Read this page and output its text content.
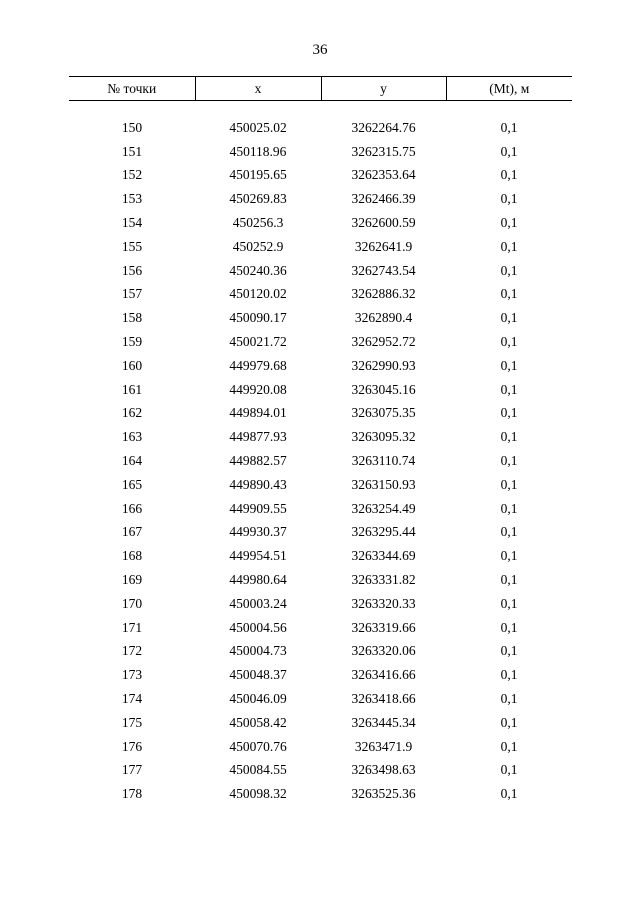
36
№ точки	x	y	(Mt), м

150	450025.02	3262264.76	0,1
151	450118.96	3262315.75	0,1
152	450195.65	3262353.64	0,1
153	450269.83	3262466.39	0,1
154	450256.3	3262600.59	0,1
155	450252.9	3262641.9	0,1
156	450240.36	3262743.54	0,1
157	450120.02	3262886.32	0,1
158	450090.17	3262890.4	0,1
159	450021.72	3262952.72	0,1
160	449979.68	3262990.93	0,1
161	449920.08	3263045.16	0,1
162	449894.01	3263075.35	0,1
163	449877.93	3263095.32	0,1
164	449882.57	3263110.74	0,1
165	449890.43	3263150.93	0,1
166	449909.55	3263254.49	0,1
167	449930.37	3263295.44	0,1
168	449954.51	3263344.69	0,1
169	449980.64	3263331.82	0,1
170	450003.24	3263320.33	0,1
171	450004.56	3263319.66	0,1
172	450004.73	3263320.06	0,1
173	450048.37	3263416.66	0,1
174	450046.09	3263418.66	0,1
175	450058.42	3263445.34	0,1
176	450070.76	3263471.9	0,1
177	450084.55	3263498.63	0,1
178	450098.32	3263525.36	0,1
